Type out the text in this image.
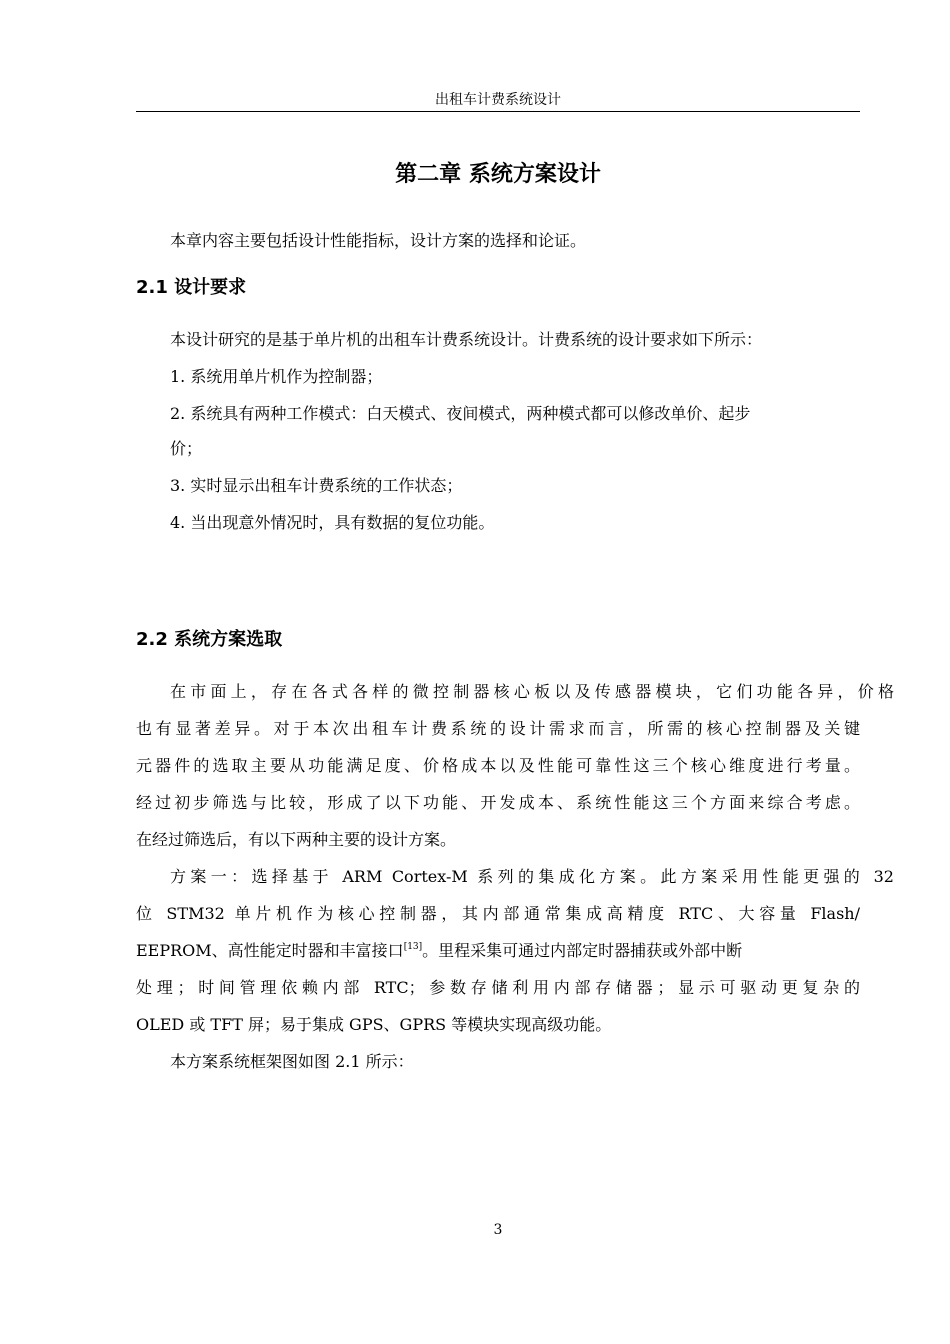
出租车计费系统设计
第二章 系统方案设计
本章内容主要包括设计性能指标，设计方案的选择和论证。
2.1 设计要求
本设计研究的是基于单片机的出租车计费系统设计。计费系统的设计要求如下所示：
1. 系统用单片机作为控制器；
2. 系统具有两种工作模式：白天模式、夜间模式，两种模式都可以修改单价、起步
价；
3. 实时显示出租车计费系统的工作状态；
4. 当出现意外情况时，具有数据的复位功能。
2.2 系统方案选取
在市面上，存在各式各样的微控制器核心板以及传感器模块，它们功能各异，价格
也有显著差异。对于本次出租车计费系统的设计需求而言，所需的核心控制器及关键
元器件的选取主要从功能满足度、价格成本以及性能可靠性这三个核心维度进行考量。
经过初步筛选与比较，形成了以下功能、开发成本、系统性能这三个方面来综合考虑。
在经过筛选后，有以下两种主要的设计方案。
方案一：选择基于 ARM Cortex-M 系列的集成化方案。此方案采用性能更强的 32
位 STM32 单片机作为核心控制器，其内部通常集成高精度 RTC、大容量 Flash/
EEPROM、高性能定时器和丰富接口[13]。里程采集可通过内部定时器捕获或外部中断
处理；时间管理依赖内部 RTC；参数存储利用内部存储器；显示可驱动更复杂的
OLED 或 TFT 屏；易于集成 GPS、GPRS 等模块实现高级功能。
本方案系统框架图如图 2.1 所示：
3
